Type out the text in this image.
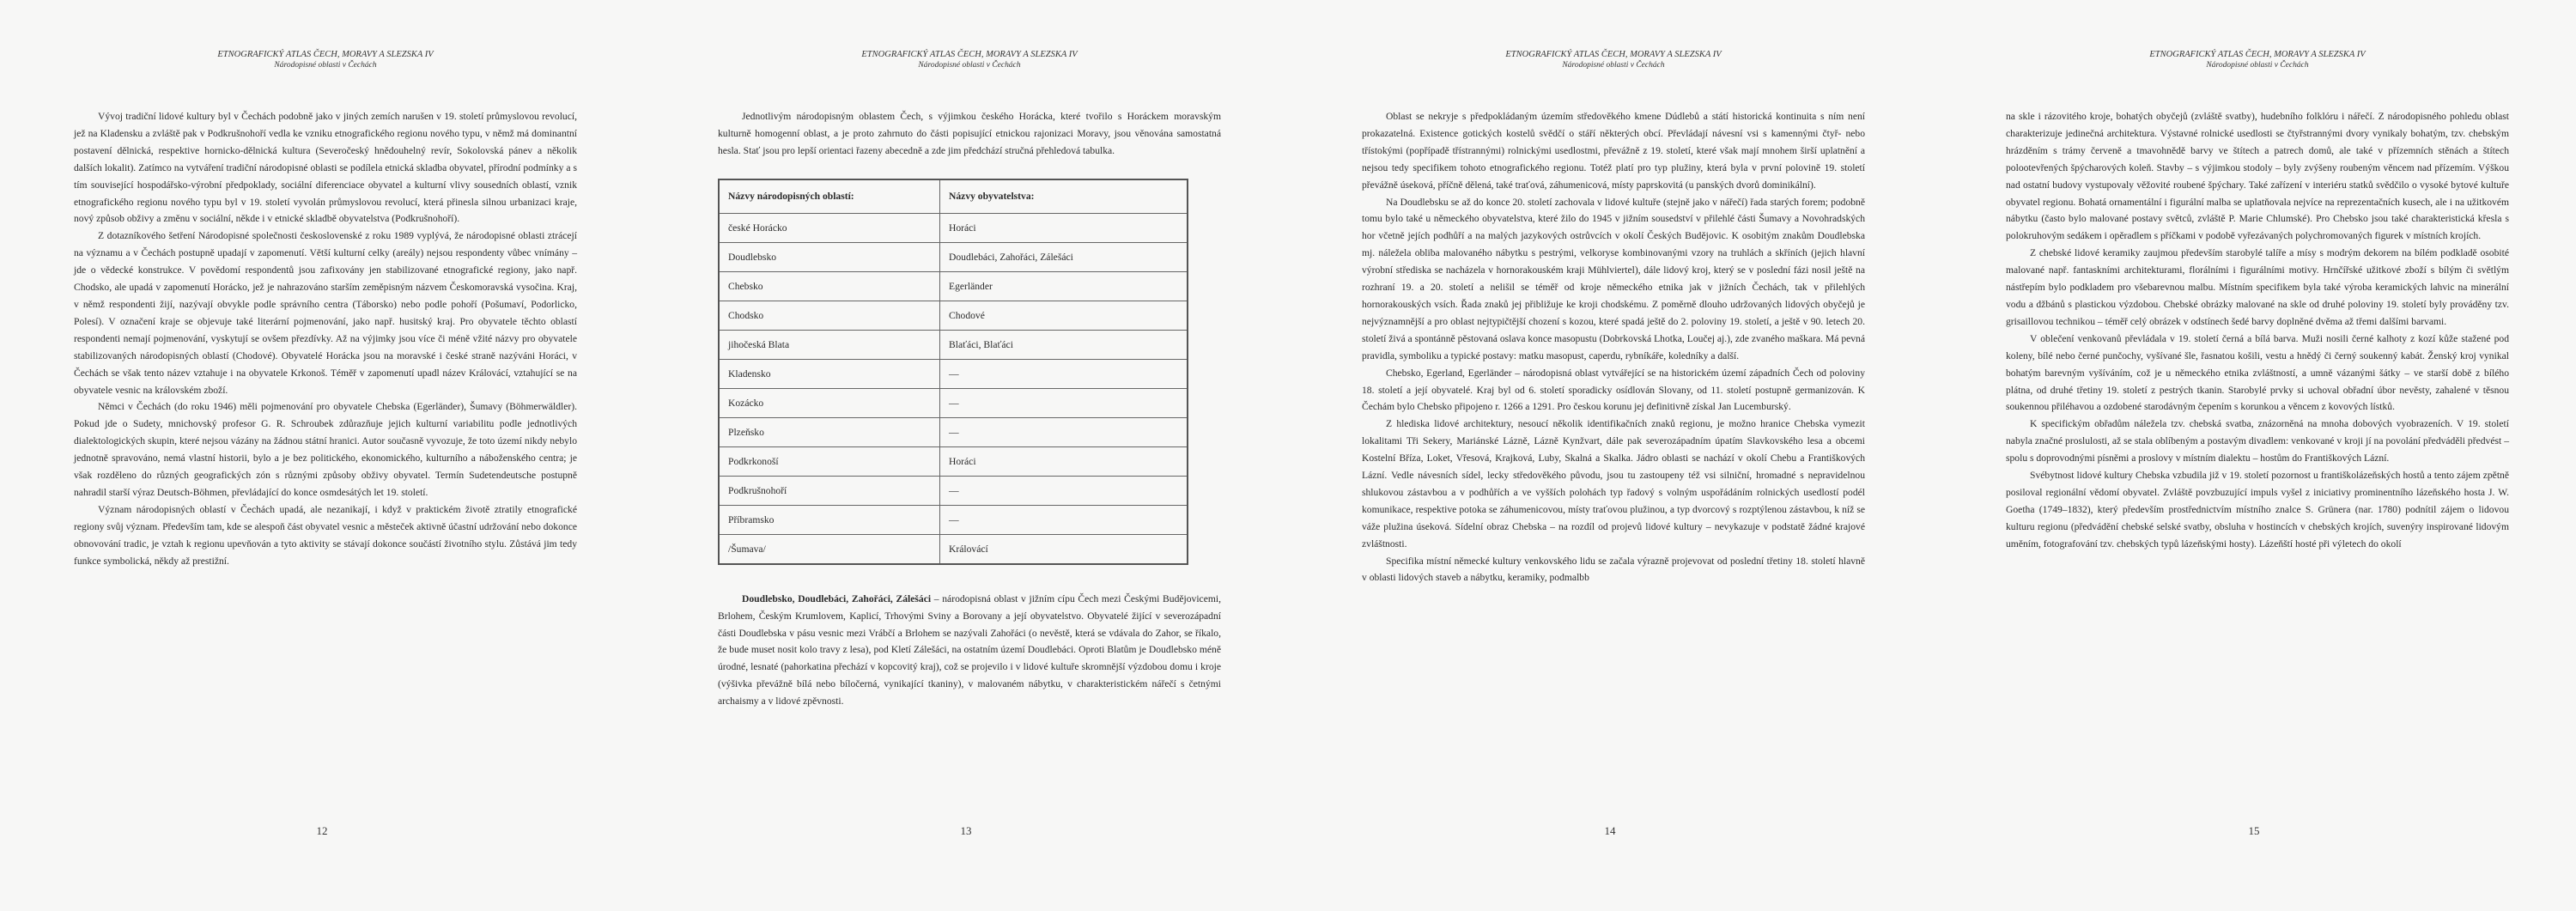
ETNOGRAFICKÝ ATLAS ČECH, MORAVY A SLEZSKA IV
Národopisné oblasti v Čechách

Vývoj tradiční lidové kultury byl v Čechách podobně jako v jiných zemích narušen v 19. století průmyslovou revolucí, jež na Kladensku a zvláště pak v Podkrušnohoří vedla ke vzniku etnografického regionu nového typu, v němž má dominantní postavení dělnická, respektive hornicko-dělnická kultura (Severočeský hnědouhelný revír, Sokolovská pánev a několik dalších lokalit). Zatímco na vytváření tradiční národopisné oblasti se podílela etnická skladba obyvatel, přírodní podmínky a s tím související hospodářsko-výrobní předpoklady, sociální diferenciace obyvatel a kulturní vlivy sousedních oblastí, vznik etnografického regionu nového typu byl v 19. století vyvolán průmyslovou revolucí, která přinesla silnou urbanizaci kraje, nový způsob obživy a změnu v sociální, někde i v etnické skladbě obyvatelstva (Podkrušnohoří).

Z dotazníkového šetření Národopisné společnosti československé z roku 1989 vyplývá, že národopisné oblasti ztrácejí na významu a v Čechách postupně upadají v zapomenutí. Větší kulturní celky (areály) nejsou respondenty vůbec vnímány – jde o vědecké konstrukce. V povědomí respondentů jsou zafixovány jen stabilizované etnografické regiony, jako např. Chodsko, ale upadá v zapomenutí Horácko, jež je nahrazováno starším zeměpisným názvem Českomoravská vysočina. Kraj, v němž respondenti žijí, nazývají obvykle podle správního centra (Táborsko) nebo podle pohoří (Pošumaví, Podorlicko, Polesí). V označení kraje se objevuje také literární pojmenování, jako např. husitský kraj. Pro obyvatele těchto oblastí respondenti nemají pojmenování, vyskytují se ovšem přezdívky. Až na výjimky jsou více či méně vžité názvy pro obyvatele stabilizovaných národopisných oblastí (Chodové). Obyvatelé Horácka jsou na moravské i české straně nazýváni Horáci, v Čechách se však tento název vztahuje i na obyvatele Krkonoš. Téměř v zapomenutí upadl název Královácí, vztahující se na obyvatele vesnic na královském zboží.

Němci v Čechách (do roku 1946) měli pojmenování pro obyvatele Chebska (Egerländer), Šumavy (Böhmerwäldler). Pokud jde o Sudety, mnichovský profesor G. R. Schroubek zdůrazňuje jejich kulturní variabilitu podle jednotlivých dialektologických skupin, které nejsou vázány na žádnou státní hranici. Autor současně vyvozuje, že toto území nikdy nebylo jednotně spravováno, nemá vlastní historii, bylo a je bez politického, ekonomického, kulturního a náboženského centra; je však rozděleno do různých geografických zón s různými způsoby obživy obyvatel. Termín Sudetendeutsche postupně nahradil starší výraz Deutsch-Böhmen, převládající do konce osmdesátých let 19. století.

Význam národopisných oblastí v Čechách upadá, ale nezanikají, i když v praktickém životě ztratily etnografické regiony svůj význam. Především tam, kde se alespoň část obyvatel vesnic a městeček aktivně účastní udržování nebo dokonce obnovování tradic, je vztah k regionu upevňován a tyto aktivity se stávají dokonce součástí životního stylu. Zůstává jim tedy funkce symbolická, někdy až prestižní.

12
ETNOGRAFICKÝ ATLAS ČECH, MORAVY A SLEZSKA IV
Národopisné oblasti v Čechách

Jednotlivým národopisným oblastem Čech, s výjimkou českého Horácka, které tvořilo s Horáckem moravským kulturně homogenní oblast, a je proto zahrnuto do části popisující etnickou rajonizaci Moravy, jsou věnována samostatná hesla. Stať jsou pro lepší orientaci řazeny abecedně a zde jim předchází stručná přehledová tabulka.

Názvy národopisných oblastí:	Názvy obyvatelstva:
české Horácko	Horáci
Doudlebsko	Doudlebáci, Zahořáci, Zálešáci
Chebsko	Egerländer
Chodsko	Chodové
jihočeská Blata	Blaťáci, Blaťáci
Kladensko	—
Kozácko	—
Plzeňsko	—
Podkrkonoší	Horáci
Podkrušnohoří	—
Příbramsko	—
/Šumava/	Královácí

Doudlebsko, Doudlebáci, Zahořáci, Zálešáci – národopisná oblast v jižním cípu Čech mezi Českými Budějovicemi, Brlohem, Českým Krumlovem, Kaplicí, Trhovými Sviny a Borovany a její obyvatelstvo. Obyvatelé žijící v severozápadní části Doudlebska v pásu vesnic mezi Vrábčí a Brlohem se nazývali Zahořáci (o nevěstě, která se vdávala do Zahor, se říkalo, že bude muset nosit kolo travy z lesa), pod Kletí Zálešáci, na ostatním území Doudlebáci. Oproti Blatům je Doudlebsko méně úrodné, lesnaté (pahorkatina přechází v kopcovitý kraj), což se projevilo i v lidové kultuře skromnější výzdobou domu i kroje (výšivka převážně bílá nebo bíločerná, vynikající tkaniny), v malovaném nábytku, v charakteristickém nářečí s četnými archaismy a v lidové zpěvnosti.

13
ETNOGRAFICKÝ ATLAS ČECH, MORAVY A SLEZSKA IV
Národopisné oblasti v Čechách

Oblast se nekryje s předpokládaným územím středověkého kmene Dúdlebů a státí historická kontinuita s ním není prokazatelná. Existence gotických kostelů svědčí o stáří některých obcí. Převládají návesní vsi s kamennými čtyř- nebo třístokými (popřípadě třístrannými) rolnickými usedlostmi, převážně z 19. století, které však mají mnohem širší uplatnění a nejsou tedy specifikem tohoto etnografického regionu. Totéž platí pro typ plužiny, která byla v první polovině 19. století převážně úseková, příčně dělená, také traťová, záhumenicová, místy paprskovitá (u panských dvorů dominikální).

Na Doudlebsku se až do konce 20. století zachovala v lidové kultuře (stejně jako v nářečí) řada starých forem; podobně tomu bylo také u německého obyvatelstva, které žilo do 1945 v jižním sousedství v přilehlé části Šumavy a Novohradských hor včetně jejích podhůří a na malých jazykových ostrůvcích v okolí Českých Budějovic. K osobitým znakům Doudlebska mj. náležela obliba malovaného nábytku s pestrými, velkoryse kombinovanými vzory na truhlách a skříních (jejich hlavní výrobní střediska se nacházela v hornorakouském kraji Mühlviertel), dále lidový kroj, který se v poslední fázi nosil ještě na rozhraní 19. a 20. století a nelišil se téměř od kroje německého etnika jak v jižních Čechách, tak v přilehlých hornorakouských vsích. Řada znaků jej přibližuje ke kroji chodskému. Z poměrně dlouho udržovaných lidových obyčejů je nejvýznamnější a pro oblast nejtypičtější chození s kozou, které spadá ještě do 2. poloviny 19. století, a ještě v 90. letech 20. století živá a spontánně pěstovaná oslava konce masopustu (Dobrkovská Lhotka, Loučej aj.), zde zvaného maškara. Má pevná pravidla, symboliku a typické postavy: matku masopust, caperdu, rybníkáře, koledníky a další.

Chebsko, Egerland, Egerländer – národopisná oblast vytvářející se na historickém území západních Čech od poloviny 18. století a její obyvatelé. Kraj byl od 6. století sporadicky osídlován Slovany, od 11. století postupně germanizován. K Čechám bylo Chebsko připojeno r. 1266 a 1291. Pro českou korunu jej definitivně získal Jan Lucemburský.

Z hlediska lidové architektury, nesoucí několik identifikačních znaků regionu, je možno hranice Chebska vymezit lokalitami Tři Sekery, Mariánské Lázně, Lázně Kynžvart, dále pak severozápadním úpatím Slavkovského lesa a obcemi Kostelní Bříza, Loket, Vřesová, Krajková, Luby, Skalná a Skalka. Jádro oblasti se nachází v okolí Chebu a Františkových Lázní. Vedle návesních sídel, lecky středověkého původu, jsou tu zastoupeny též vsi silniční, hromadné s nepravidelnou shlukovou zástavbou a v podhůřích a ve vyšších polohách typ řadový s volným uspořádáním rolnických usedlostí podél komunikace, respektive potoka se záhumenicovou, místy traťovou plužinou, a typ dvorcový s rozptýlenou zástavbou, k níž se váže plužina úseková. Sídelní obraz Chebska – na rozdíl od projevů lidové kultury – nevykazuje v podstatě žádné krajové zvláštnosti.

Specifika místní německé kultury venkovského lidu se začala výrazně projevovat od poslední třetiny 18. století hlavně v oblasti lidových staveb a nábytku, keramiky, podmalbb

14
ETNOGRAFICKÝ ATLAS ČECH, MORAVY A SLEZSKA IV
Národopisné oblasti v Čechách

na skle i rázovitého kroje, bohatých obyčejů (zvláště svatby), hudebního folklóru i nářečí. Z národopisného pohledu oblast charakterizuje jedinečná architektura. Výstavné rolnické usedlosti se čtyřstrannými dvory vynikaly bohatým, tzv. chebským hrázděním s trámy červeně a tmavohnědě barvy ve štítech a patrech domů, ale také v přízemních stěnách a štítech polootevřených špýcharových koleň. Stavby – s výjimkou stodoly – byly zvýšeny roubeným věncem nad přízemím. Výškou nad ostatní budovy vystupovaly věžovité roubené špýchary. Také zařízení v interiéru statků svědčilo o vysoké bytové kultuře obyvatel regionu. Bohatá ornamentální i figurální malba se uplatňovala nejvíce na reprezentačních kusech, ale i na užitkovém nábytku (často bylo malované postavy světců, zvláště P. Marie Chlumské). Pro Chebsko jsou také charakteristická křesla s polokruhovým sedákem i opěradlem s příčkami v podobě vyřezávaných polychromovaných figurek v místních krojích.

Z chebské lidové keramiky zaujmou především starobylé talíře a mísy s modrým dekorem na bílém podkladě osobité malované např. fantaskními architekturami, florálními i figurálními motivy. Hrnčířské užitkové zboží s bílým či světlým nástřepím bylo podkladem pro všebarevnou malbu. Místním specifikem byla také výroba keramických lahvic na minerální vodu a džbánů s plastickou výzdobou. Chebské obrázky malované na skle od druhé poloviny 19. století byly prováděny tzv. grisaillovou technikou – téměř celý obrázek v odstínech šedé barvy doplněné dvěma až třemi dalšími barvami.

V oblečení venkovanů převládala v 19. století černá a bílá barva. Muži nosili černé kalhoty z kozí kůže stažené pod koleny, bílé nebo černé punčochy, vyšívané šle, řasnatou košili, vestu a hnědý či černý soukenný kabát. Ženský kroj vynikal bohatým barevným vyšíváním, což je u německého etnika zvláštností, a umně vázanými šátky – ve starší době z bílého plátna, od druhé třetiny 19. století z pestrých tkanin. Starobylé prvky si uchoval obřadní úbor nevěsty, zahalené v těsnou soukennou přiléhavou a ozdobené starodávným čepením s korunkou a věncem z kovových lístků.

K specifickým obřadům náležela tzv. chebská svatba, znázorněná na mnoha dobových vyobrazeních. V 19. století nabyla značné proslulosti, až se stala oblíbeným a postavým divadlem: venkované v kroji jí na povolání předváděli předvést – spolu s doprovodnými písněmi a proslovy v místním dialektu – hostům do Františkových Lázní.

Svébytnost lidové kultury Chebska vzbudila již v 19. století pozornost u františkolázeňských hostů a tento zájem zpětně posiloval regionální vědomí obyvatel. Zvláště povzbuzující impuls vyšel z iniciativy prominentního lázeňského hosta J. W. Goetha (1749–1832), který především prostřednictvím místního znalce S. Grünera (nar. 1780) podnítil zájem o lidovou kulturu regionu (předvádění chebské selské svatby, obsluha v hostincích v chebských krojích, suvenýry inspirované lidovým uměním, fotografování tzv. chebských typů lázeňskými hosty). Lázeňští hosté při výletech do okolí

15
